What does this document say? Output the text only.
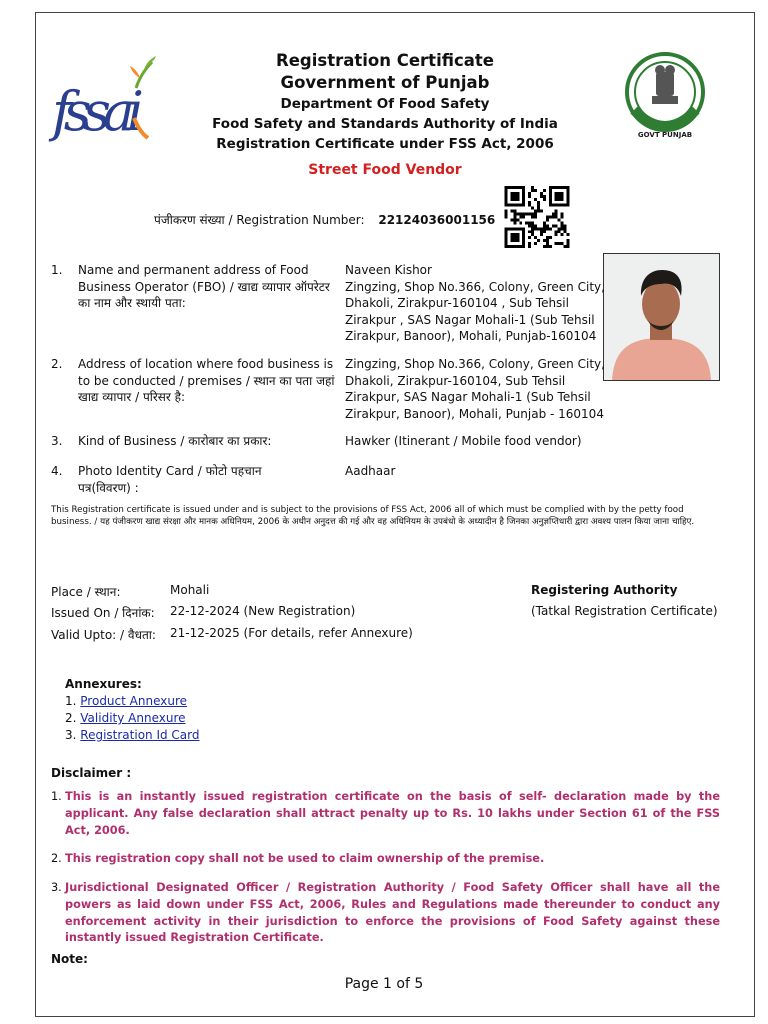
fssai
Registration Certificate
Government of Punjab
Department Of Food Safety
Food Safety and Standards Authority of India
Registration Certificate under FSS Act, 2006
Street Food Vendor
GOVT PUNJAB
पंजीकरण संख्या / Registration Number: 22124036001156
1.	Name and permanent address of Food Business Operator (FBO) / खाद्य व्यापार ऑपरेटर का नाम और स्थायी पता:
Naveen Kishor
Zingzing, Shop No.366, Colony, Green City, Dhakoli, Zirakpur-160104 , Sub Tehsil Zirakpur , SAS Nagar Mohali-1 (Sub Tehsil Zirakpur, Banoor), Mohali, Punjab-160104
2.	Address of location where food business is to be conducted / premises / स्थान का पता जहां खाद्य व्यापार / परिसर है:
Zingzing, Shop No.366, Colony, Green City, Dhakoli, Zirakpur-160104, Sub Tehsil Zirakpur, SAS Nagar Mohali-1 (Sub Tehsil Zirakpur, Banoor), Mohali, Punjab - 160104
3.	Kind of Business / कारोबार का प्रकार:	Hawker (Itinerant / Mobile food vendor)
4.	Photo Identity Card / फोटो पहचान पत्र(विवरण) :
Aadhaar
This Registration certificate is issued under and is subject to the provisions of FSS Act, 2006 all of which must be complied with by the petty food business. / यह पंजीकरण खाद्य संरक्षा और मानक अधिनियम, 2006 के अधीन अनुदत्त की गई और वह अधिनियम के उपबंधो के अध्यादीन है जिनका अनुज्ञप्तिधारी द्वारा अवश्य पालन किया जाना चाहिए.
Place / स्थान:	Mohali
Issued On / दिनांक:	22-12-2024 (New Registration)
Valid Upto: / वैधता:	21-12-2025 (For details, refer Annexure)
Registering Authority
(Tatkal Registration Certificate)
Annexures:
1. Product Annexure
2. Validity Annexure
3. Registration Id Card
Disclaimer :
1. This is an instantly issued registration certificate on the basis of self- declaration made by the applicant. Any false declaration shall attract penalty up to Rs. 10 lakhs under Section 61 of the FSS Act, 2006.
2. This registration copy shall not be used to claim ownership of the premise.
3. Jurisdictional Designated Officer / Registration Authority / Food Safety Officer shall have all the powers as laid down under FSS Act, 2006, Rules and Regulations made thereunder to conduct any enforcement activity in their jurisdiction to enforce the provisions of Food Safety against these instantly issued Registration Certificate.
Note:
Page 1 of 5
